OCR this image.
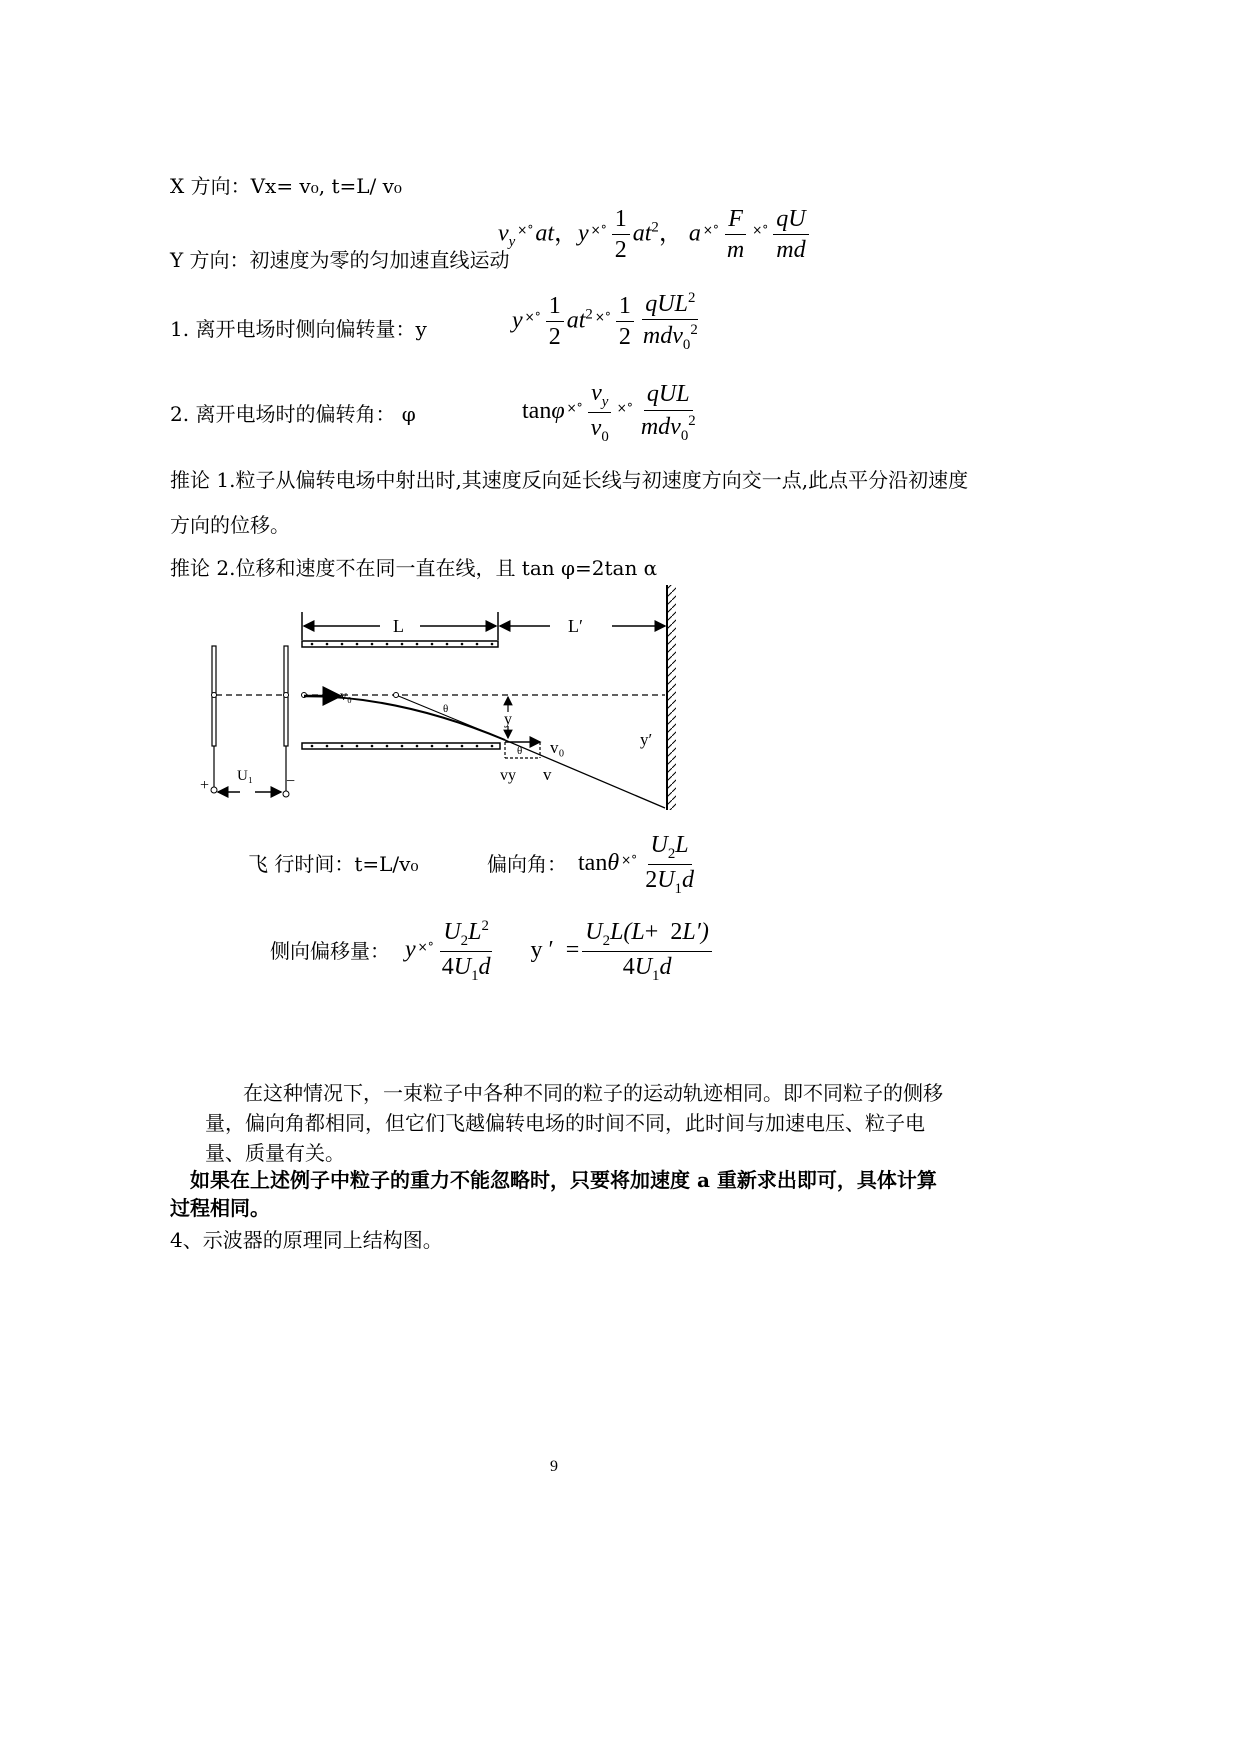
X 方向：Vx= v₀, t=L/ v₀
Y 方向：初速度为零的匀加速直线运动
$v_y^{\times^\circ}at$，y $^{\times^\circ} \frac{1}{2} at^2$， a $^{\times^\circ} \frac{F}{m} ^{\times^\circ} \frac{qU}{md}$
1. 离开电场时侧向偏转量：y	y $^{\times^\circ} \frac{1}{2} at^2$ $^{\times^\circ} \frac{1}{2} \frac{qUL^2}{mdv_0^2}$
2. 离开电场时的偏转角： φ	tanφ $^{\times^\circ} \frac{v_y}{v_0} ^{\times^\circ} \frac{\text{qUL}}{mdv_0^2}$
推论 1.粒子从偏转电场中射出时,其速度反向延长线与初速度方向交一点,此点平分沿初速度
方向的位移。
推论 2.位移和速度不在同一直在线，且 tan φ=2tan α
L	L′
+	−
U₁
v₀
θ
y
v₀
θ
vy v
y′
飞 行时间：t=L/v₀	偏向角： tanθ $^{\times^\circ} \frac{U_2L}{2U_1d}$
侧向偏移量： y $^{\times^\circ} \frac{U_2L^2}{4U_1d}$ y ′  = $\frac{U_2L(L+ 2L')}{4U_1d}$
在这种情况下，一束粒子中各种不同的粒子的运动轨迹相同。即不同粒子的侧移量，偏向角都相同，但它们飞越偏转电场的时间不同，此时间与加速电压、粒子电量、质量有关。
如果在上述例子中粒子的重力不能忽略时，只要将加速度 a 重新求出即可，具体计算过程相同。
4、示波器的原理同上结构图。
9
